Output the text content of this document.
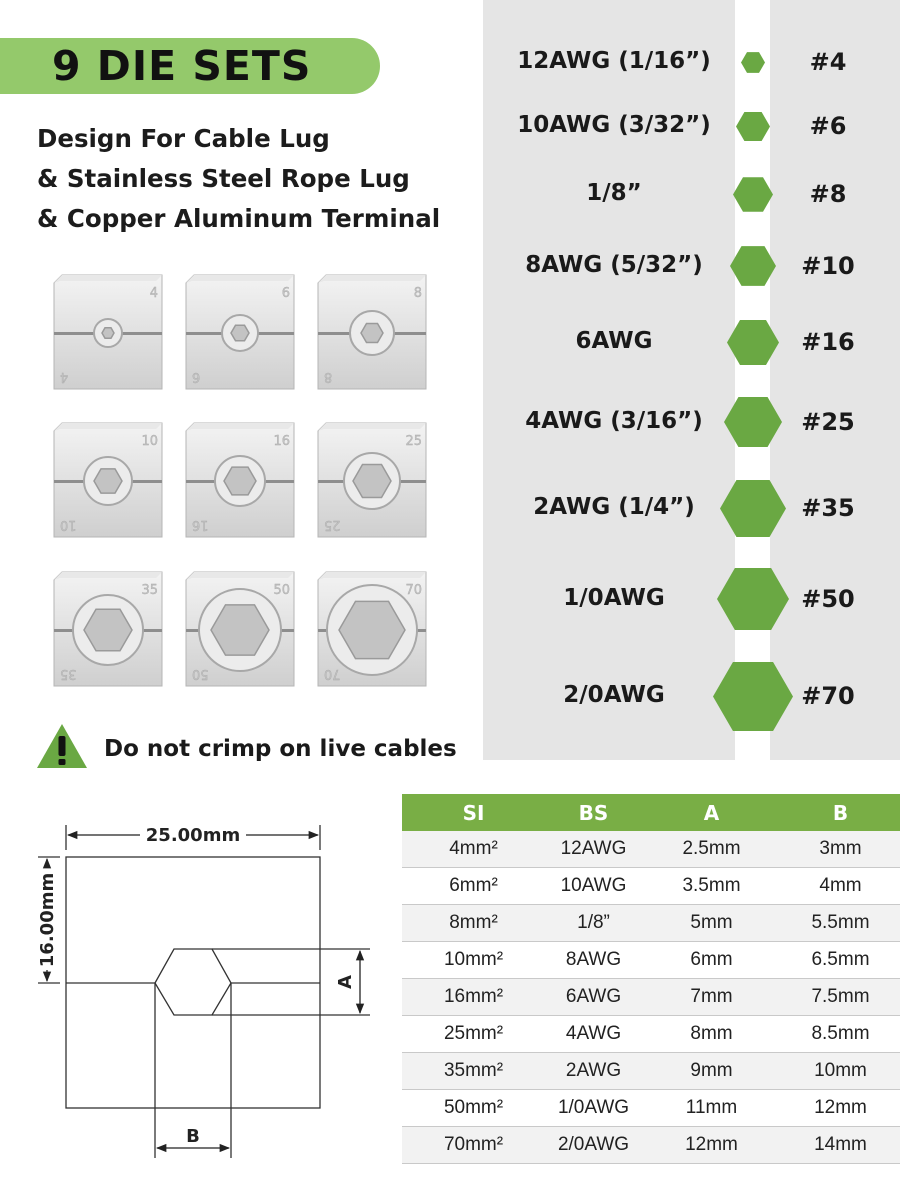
9 DIE SETS
Design For Cable Lug
& Stainless Steel Rope Lug
& Copper Aluminum Terminal
4
4
6
6
8
8
10
10
16
16
25
25
35
35
50
50
70
70
Do not crimp on live cables
12AWG (1/16”)	#4
10AWG (3/32”)	#6
1/8”	#8
8AWG (5/32”)	#10
6AWG	#16
4AWG (3/16”)	#25
2AWG (1/4”)	#35
1/0AWG	#50
2/0AWG	#70
25.00mm
16.00mm
A
B
SI	BS	A	B
4mm²	12AWG	2.5mm	3mm
6mm²	10AWG	3.5mm	4mm
8mm²	1/8”	5mm	5.5mm
10mm²	8AWG	6mm	6.5mm
16mm²	6AWG	7mm	7.5mm
25mm²	4AWG	8mm	8.5mm
35mm²	2AWG	9mm	10mm
50mm²	1/0AWG	11mm	12mm
70mm²	2/0AWG	12mm	14mm
